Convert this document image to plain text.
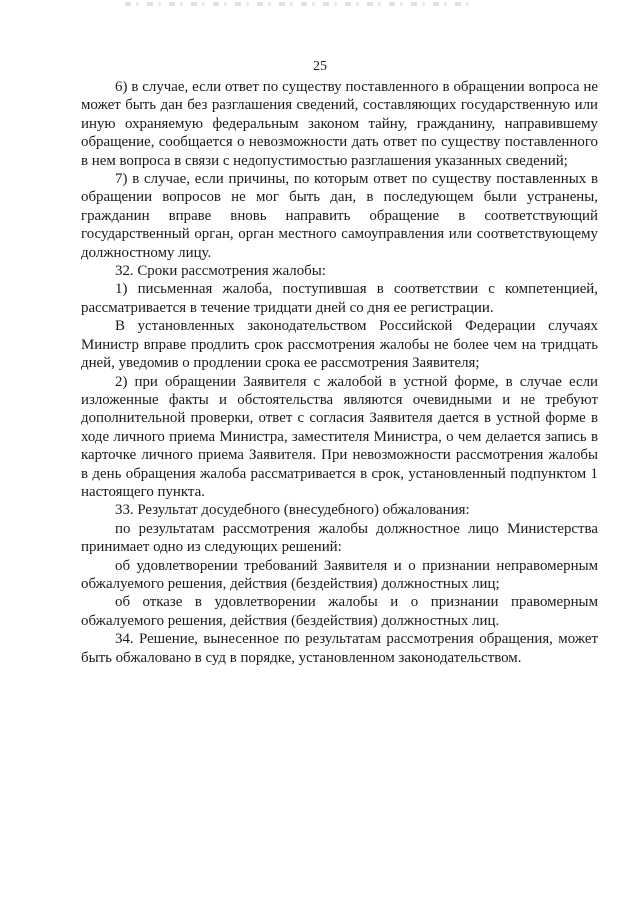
25

6) в случае, если ответ по существу поставленного в обращении вопроса не может быть дан без разглашения сведений, составляющих государственную или иную охраняемую федеральным законом тайну, гражданину, направившему обращение, сообщается о невозможности дать ответ по существу поставленного в нем вопроса в связи с недопустимостью разглашения указанных сведений;

7) в случае, если причины, по которым ответ по существу поставленных в обращении вопросов не мог быть дан, в последующем были устранены, гражданин вправе вновь направить обращение в соответствующий государственный орган, орган местного самоуправления или соответствующему должностному лицу.

32. Сроки рассмотрения жалобы:

1) письменная жалоба, поступившая в соответствии с компетенцией, рассматривается в течение тридцати дней со дня ее регистрации.

В установленных законодательством Российской Федерации случаях Министр вправе продлить срок рассмотрения жалобы не более чем на тридцать дней, уведомив о продлении срока ее рассмотрения Заявителя;

2) при обращении Заявителя с жалобой в устной форме, в случае если изложенные факты и обстоятельства являются очевидными и не требуют дополнительной проверки, ответ с согласия Заявителя дается в устной форме в ходе личного приема Министра, заместителя Министра, о чем делается запись в карточке личного приема Заявителя. При невозможности рассмотрения жалобы в день обращения жалоба рассматривается в срок, установленный подпунктом 1 настоящего пункта.

33. Результат досудебного (внесудебного) обжалования:

по результатам рассмотрения жалобы должностное лицо Министерства принимает одно из следующих решений:

об удовлетворении требований Заявителя и о признании неправомерным обжалуемого решения, действия (бездействия) должностных лиц;

об отказе в удовлетворении жалобы и о признании правомерным обжалуемого решения, действия (бездействия) должностных лиц.

34. Решение, вынесенное по результатам рассмотрения обращения, может быть обжаловано в суд в порядке, установленном законодательством.
